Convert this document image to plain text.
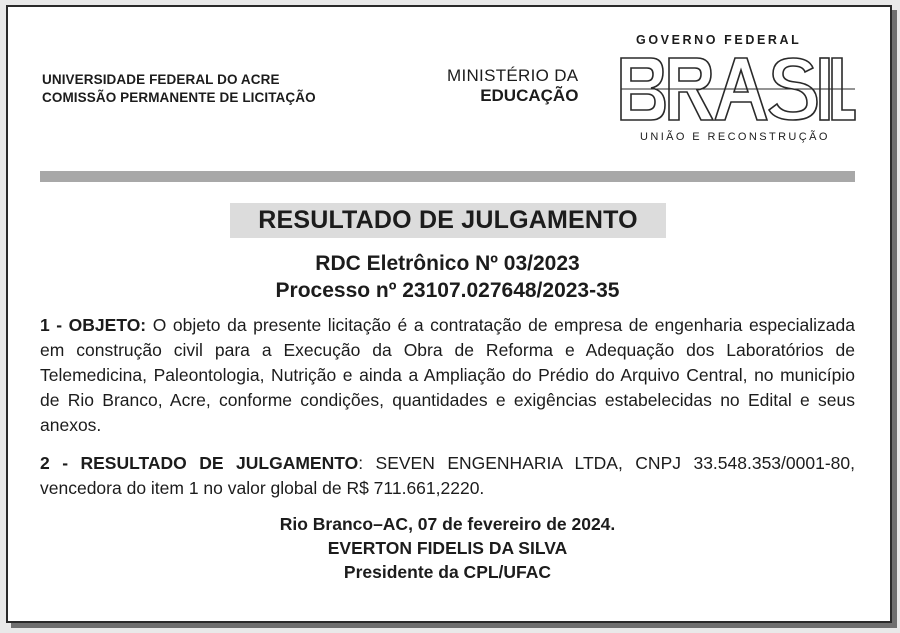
UNIVERSIDADE FEDERAL DO ACRE
COMISSÃO PERMANENTE DE LICITAÇÃO
MINISTÉRIO DA
EDUCAÇÃO
GOVERNO FEDERAL
UNIÃO E RECONSTRUÇÃO
RESULTADO DE JULGAMENTO
RDC Eletrônico Nº 03/2023
Processo nº 23107.027648/2023-35
1 - OBJETO: O objeto da presente licitação é a contratação de empresa de engenharia especializada em construção civil para a Execução da Obra de Reforma e Adequação dos Laboratórios de Telemedicina, Paleontologia, Nutrição e ainda a Ampliação do Prédio do Arquivo Central, no município de Rio Branco, Acre, conforme condições, quantidades e exigências estabelecidas no Edital e seus anexos.
2 - RESULTADO DE JULGAMENTO: SEVEN ENGENHARIA LTDA, CNPJ 33.548.353/0001-80, vencedora do item 1 no valor global de R$ 711.661,2220.
Rio Branco–AC, 07 de fevereiro de 2024.
EVERTON FIDELIS DA SILVA
Presidente da CPL/UFAC
